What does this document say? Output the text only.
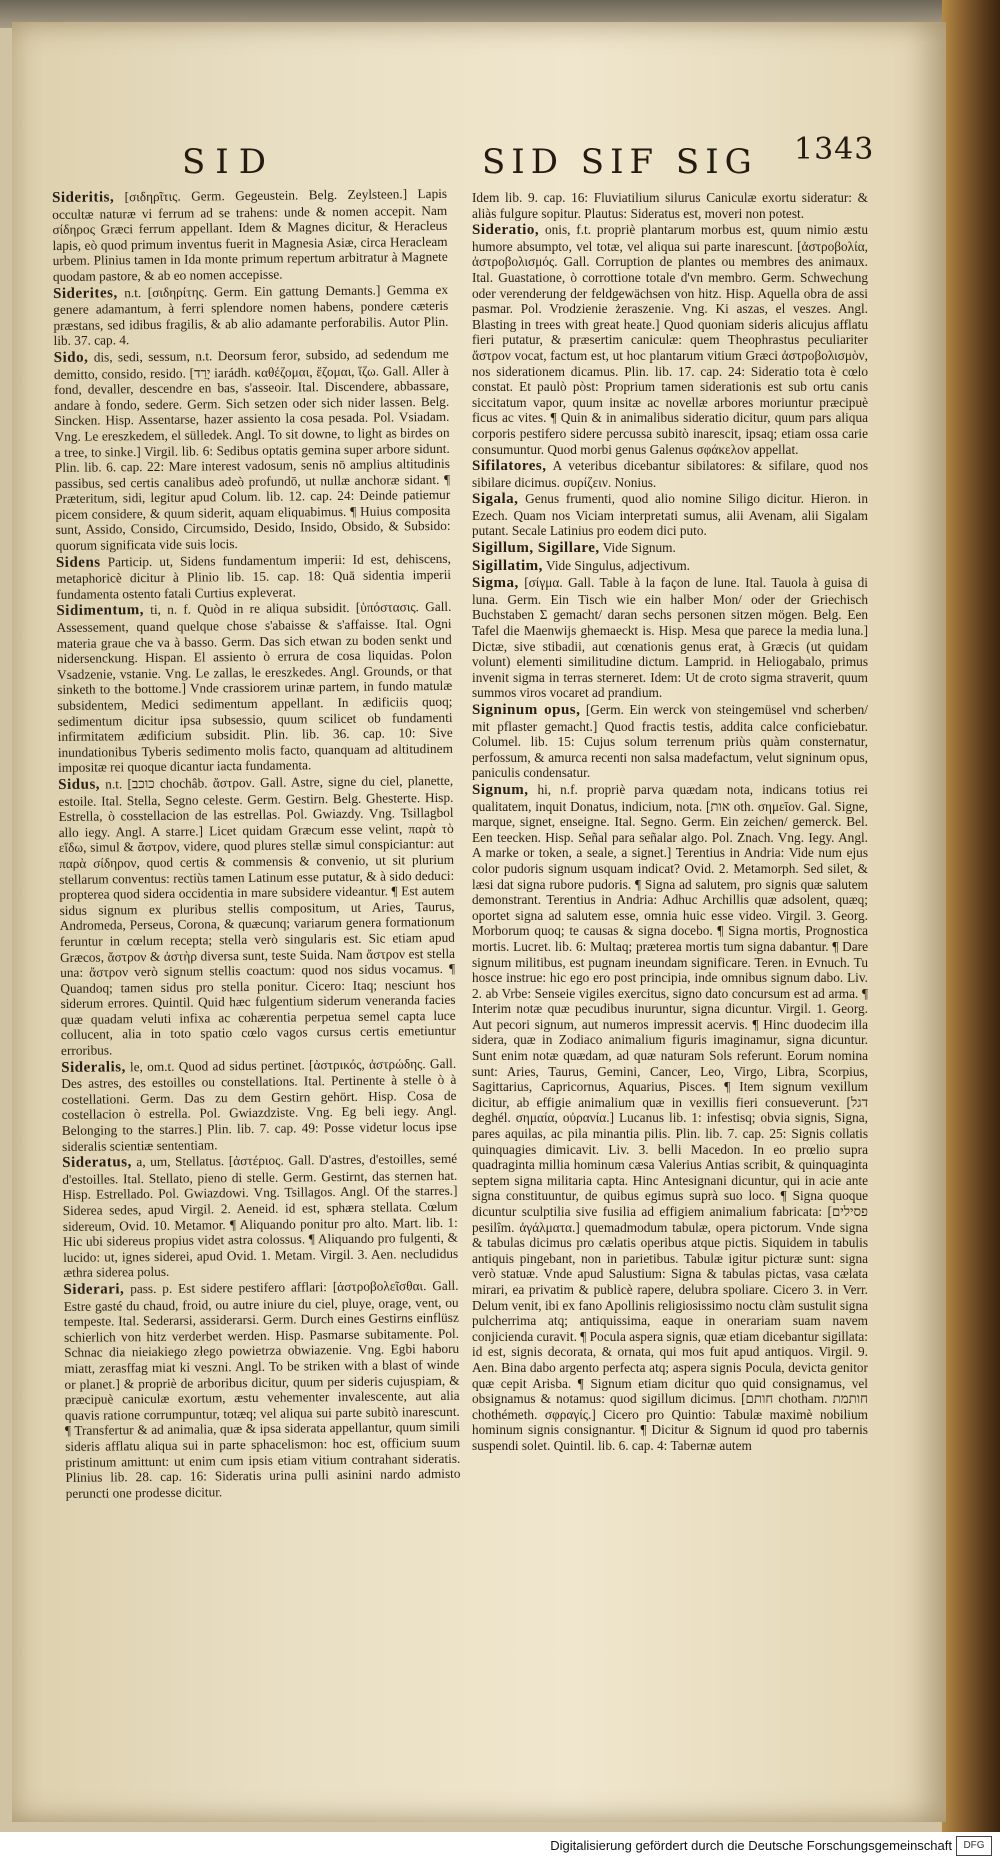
SID	SID SIF SIG 1343

Sideritis, [σιδηρῖτις. Germ. Gegeustein. Belg. Zeylsteen.] Lapis occultæ naturæ vi ferrum ad se trahens: unde & nomen accepit. Nam σίδηρος Græci ferrum appellant. Idem & Magnes dicitur, & Heracleus lapis, eò quod primum inventus fuerit in Magnesia Asiæ, circa Heracleam urbem. Plinius tamen in Ida monte primum repertum arbitratur à Magnete quodam pastore, & ab eo nomen accepisse.

Siderites, n.t. [σιδηρίτης. Germ. Ein gattung Demants.] Gemma ex genere adamantum, à ferri splendore nomen habens, pondere cæteris præstans, sed idibus fragilis, & ab alio adamante perforabilis. Autor Plin. lib. 37. cap. 4.

Sido, dis, sedi, sessum, n.t. Deorsum feror, subsido, ad sedendum me demitto, consido, resido. [יָרַד iarádh. καθέζομαι, ἕζομαι, ἵζω. Gall. Aller à fond, devaller, descendre en bas, s'asseoir. Ital. Discendere, abbassare, andare à fondo, sedere. Germ. Sich setzen oder sich nider lassen. Belg. Sincken. Hisp. Assentarse, hazer assiento la cosa pesada. Pol. Vsiadam. Vng. Le ereszkedem, el sülledek. Angl. To sit downe, to light as birdes on a tree, to sinke.] Virgil. lib. 6: Sedibus optatis gemina super arbore sidunt. Plin. lib. 6. cap. 22: Mare interest vadosum, senis nō amplius altitudinis passibus, sed certis canalibus adeò profundō, ut nullæ anchoræ sidant. ¶ Præteritum, sidi, legitur apud Colum. lib. 12. cap. 24: Deinde patiemur picem considere, & quum siderit, aquam eliquabimus. ¶ Huius composita sunt, Assido, Consido, Circumsido, Desido, Insido, Obsido, & Subsido: quorum significata vide suis locis.

Sidens Particip. ut, Sidens fundamentum imperii: Id est, dehiscens, metaphoricè dicitur à Plinio lib. 15. cap. 18: Quā sidentia imperii fundamenta ostento fatali Curtius expleverat.

Sidimentum, ti, n. f. Quòd in re aliqua subsidit. [ὑπόστασις. Gall. Assessement, quand quelque chose s'abaisse & s'affaisse. Ital. Ogni materia graue che va à basso. Germ. Das sich etwan zu boden senkt und nidersenckung. Hispan. El assiento ò errura de cosa liquidas. Polon Vsadzenie, vstanie. Vng. Le zallas, le ereszkedes. Angl. Grounds, or that sinketh to the bottome.] Vnde crassiorem urinæ partem, in fundo matulæ subsidentem, Medici sedimentum appellant. In ædificiis quoq; sedimentum dicitur ipsa subsessio, quum scilicet ob fundamenti infirmitatem ædificium subsidit. Plin. lib. 36. cap. 10: Sive inundationibus Tyberis sedimento molis facto, quanquam ad altitudinem impositæ rei quoque dicantur iacta fundamenta.

Sidus, n.t. [כוכב chochâb. ἄστρον. Gall. Astre, signe du ciel, planette, estoile. Ital. Stella, Segno celeste. Germ. Gestirn. Belg. Ghesterte. Hisp. Estrella, ò cosstellacion de las estrellas. Pol. Gwiazdy. Vng. Tsillagbol allo iegy. Angl. A starre.] Licet quidam Græcum esse velint, παρὰ τὸ εἴδω, simul & ἄστρον, videre, quod plures stellæ simul conspiciantur: aut παρὰ σίδηρον, quod certis & commensis & convenio, ut sit plurium stellarum conventus: rectiùs tamen Latinum esse putatur, & à sido deduci: propterea quod sidera occidentia in mare subsidere videantur. ¶ Est autem sidus signum ex pluribus stellis compositum, ut Aries, Taurus, Andromeda, Perseus, Corona, & quæcunq; variarum genera formationum feruntur in cœlum recepta; stella verò singularis est. Sic etiam apud Græcos, ἄστρον & ἀστὴρ diversa sunt, teste Suida. Nam ἄστρον est stella una: ἄστρον verò signum stellis coactum: quod nos sidus vocamus. ¶ Quandoq; tamen sidus pro stella ponitur. Cicero: Itaq; nesciunt hos siderum errores. Quintil. Quid hæc fulgentium siderum veneranda facies quæ quadam veluti infixa ac cohærentia perpetua semel capta luce collucent, alia in toto spatio cœlo vagos cursus certis emetiuntur erroribus.

Sideralis, le, om.t. Quod ad sidus pertinet. [ἀστρικός, ἀστρώδης. Gall. Des astres, des estoilles ou constellations. Ital. Pertinente à stelle ò à costellationi. Germ. Das zu dem Gestirn gehört. Hisp. Cosa de costellacion ò estrella. Pol. Gwiazdziste. Vng. Eg beli iegy. Angl. Belonging to the starres.] Plin. lib. 7. cap. 49: Posse videtur locus ipse sideralis scientiæ sententiam.

Sideratus, a, um, Stellatus. [ἀστέριος. Gall. D'astres, d'estoilles, semé d'estoilles. Ital. Stellato, pieno di stelle. Germ. Gestirnt, das sternen hat. Hisp. Estrellado. Pol. Gwiazdowi. Vng. Tsillagos. Angl. Of the starres.] Siderea sedes, apud Virgil. 2. Aeneid. id est, sphæra stellata. Cœlum sidereum, Ovid. 10. Metamor. ¶ Aliquando ponitur pro alto. Mart. lib. 1: Hic ubi sidereus propius videt astra colossus. ¶ Aliquando pro fulgenti, & lucido: ut, ignes siderei, apud Ovid. 1. Metam. Virgil. 3. Aen. necludidus æthra siderea polus.

Siderari, pass. p. Est sidere pestifero afflari: [ἀστροβολεῖσθαι. Gall. Estre gasté du chaud, froid, ou autre iniure du ciel, pluye, orage, vent, ou tempeste. Ital. Sederarsi, assiderarsi. Germ. Durch eines Gestirns einflüsz schierlich von hitz verderbet werden. Hisp. Pasmarse subitamente. Pol. Schnac dia nieiakiego złego powietrza obwiazenie. Vng. Egbi haboru miatt, zerasffag miat ki veszni. Angl. To be striken with a blast of winde or planet.] & propriè de arboribus dicitur, quum per sideris cujuspiam, & præcipuè caniculæ exortum, æstu vehementer invalescente, aut alia quavis ratione corrumpuntur, totæq; vel aliqua sui parte subitò inarescunt. ¶ Transfertur & ad animalia, quæ & ipsa siderata appellantur, quum simili sideris afflatu aliqua sui in parte sphacelismon: hoc est, officium suum pristinum amittunt: ut enim cum ipsis etiam vitium contrahant sideratis. Plinius lib. 28. cap. 16: Sideratis urina pulli asinini nardo admisto peruncti one prodesse dicitur.

Idem lib. 9. cap. 16: Fluviatilium silurus Caniculæ exortu sideratur: & aliàs fulgure sopitur. Plautus: Sideratus est, moveri non potest.

Sideratio, onis, f.t. propriè plantarum morbus est, quum nimio æstu humore absumpto, vel totæ, vel aliqua sui parte inarescunt. [ἀστροβολία, ἀστροβολισμός. Gall. Corruption de plantes ou membres des animaux. Ital. Guastatione, ò corrottione totale d'vn membro. Germ. Schwechung oder verenderung der feldgewächsen von hitz. Hisp. Aquella obra de assi pasmar. Pol. Vrodzienie żeraszenie. Vng. Ki aszas, el veszes. Angl. Blasting in trees with great heate.] Quod quoniam sideris alicujus afflatu fieri putatur, & præsertim caniculæ: quem Theophrastus peculiariter ἄστρον vocat, factum est, ut hoc plantarum vitium Græci ἀστροβολισμὸν, nos siderationem dicamus. Plin. lib. 17. cap. 24: Sideratio tota è cœlo constat. Et paulò pòst: Proprium tamen siderationis est sub ortu canis siccitatum vapor, quum insitæ ac novellæ arbores moriuntur præcipuè ficus ac vites. ¶ Quin & in animalibus sideratio dicitur, quum pars aliqua corporis pestifero sidere percussa subitò inarescit, ipsaq; etiam ossa carie consumuntur. Quod morbi genus Galenus σφάκελον appellat.

Sifilatores, A veteribus dicebantur sibilatores: & sifilare, quod nos sibilare dicimus. συρίζειν. Nonius.

Sigala, Genus frumenti, quod alio nomine Siligo dicitur. Hieron. in Ezech. Quam nos Viciam interpretati sumus, alii Avenam, alii Sigalam putant. Secale Latinius pro eodem dici puto.

Sigillum, Sigillare, Vide Signum.

Sigillatim, Vide Singulus, adjectivum.

Sigma, [σίγμα. Gall. Table à la façon de lune. Ital. Tauola à guisa di luna. Germ. Ein Tisch wie ein halber Mon/ oder der Griechisch Buchstaben Σ gemacht/ daran sechs personen sitzen mögen. Belg. Een Tafel die Maenwijs ghemaeckt is. Hisp. Mesa que parece la media luna.] Dictæ, sive stibadii, aut cœnationis genus erat, à Græcis (ut quidam volunt) elementi similitudine dictum. Lamprid. in Heliogabalo, primus invenit sigma in terras sterneret. Idem: Ut de croto sigma straverit, quum summos viros vocaret ad prandium.

Signinum opus, [Germ. Ein werck von steingemüsel vnd scherben/ mit pflaster gemacht.] Quod fractis testis, addita calce conficiebatur. Columel. lib. 15: Cujus solum terrenum priùs quàm consternatur, perfossum, & amurca recenti non salsa madefactum, velut signinum opus, paniculis condensatur.

Signum, hi, n.f. propriè parva quædam nota, indicans totius rei qualitatem, inquit Donatus, indicium, nota. [אות oth. σημεῖον. Gal. Signe, marque, signet, enseigne. Ital. Segno. Germ. Ein zeichen/ gemerck. Bel. Een teecken. Hisp. Señal para señalar algo. Pol. Znach. Vng. Iegy. Angl. A marke or token, a seale, a signet.] Terentius in Andria: Vide num ejus color pudoris signum usquam indicat? Ovid. 2. Metamorph. Sed silet, & læsi dat signa rubore pudoris. ¶ Signa ad salutem, pro signis quæ salutem demonstrant. Terentius in Andria: Adhuc Archillis quæ adsolent, quæq; oportet signa ad salutem esse, omnia huic esse video. Virgil. 3. Georg. Morborum quoq; te causas & signa docebo. ¶ Signa mortis, Prognostica mortis. Lucret. lib. 6: Multaq; præterea mortis tum signa dabantur. ¶ Dare signum militibus, est pugnam ineundam significare. Teren. in Evnuch. Tu hosce instrue: hic ego ero post principia, inde omnibus signum dabo. Liv. 2. ab Vrbe: Senseie vigiles exercitus, signo dato concursum est ad arma. ¶ Interim notæ quæ pecudibus inuruntur, signa dicuntur. Virgil. 1. Georg. Aut pecori signum, aut numeros impressit acervis. ¶ Hinc duodecim illa sidera, quæ in Zodiaco animalium figuris imaginamur, signa dicuntur. Sunt enim notæ quædam, ad quæ naturam Sols referunt. Eorum nomina sunt: Aries, Taurus, Gemini, Cancer, Leo, Virgo, Libra, Scorpius, Sagittarius, Capricornus, Aquarius, Pisces. ¶ Item signum vexillum dicitur, ab effigie animalium quæ in vexillis fieri consueverunt. [דגל deghél. σημαία, οὐρανία.] Lucanus lib. 1: infestisq; obvia signis, Signa, pares aquilas, ac pila minantia pilis. Plin. lib. 7. cap. 25: Signis collatis quinquagies dimicavit. Liv. 3. belli Macedon. In eo prœlio supra quadraginta millia hominum cæsa Valerius Antias scribit, & quinquaginta septem signa militaria capta. Hinc Antesignani dicuntur, qui in acie ante signa constituuntur, de quibus egimus suprà suo loco. ¶ Signa quoque dicuntur sculptilia sive fusilia ad effigiem animalium fabricata: [פסילים pesilîm. ἀγάλματα.] quemadmodum tabulæ, opera pictorum. Vnde signa & tabulas dicimus pro cælatis operibus atque pictis. Siquidem in tabulis antiquis pingebant, non in parietibus. Tabulæ igitur picturæ sunt: signa verò statuæ. Vnde apud Salustium: Signa & tabulas pictas, vasa cælata mirari, ea privatim & publicè rapere, delubra spoliare. Cicero 3. in Verr. Delum venit, ibi ex fano Apollinis religiosissimo noctu clàm sustulit signa pulcherrima atq; antiquissima, eaque in onerariam suam navem conjicienda curavit. ¶ Pocula aspera signis, quæ etiam dicebantur sigillata: id est, signis decorata, & ornata, qui mos fuit apud antiquos. Virgil. 9. Aen. Bina dabo argento perfecta atq; aspera signis Pocula, devicta genitor quæ cepit Arisba. ¶ Signum etiam dicitur quo quid consignamus, vel obsignamus & notamus: quod sigillum dicimus. [חותם chotham. חותמת chothémeth. σφραγίς.] Cicero pro Quintio: Tabulæ maximè nobilium hominum signis consignantur. ¶ Dicitur & Signum id quod pro tabernis suspendi solet. Quintil. lib. 6. cap. 4: Tabernæ autem

Digitalisierung gefördert durch die Deutsche Forschungsgemeinschaft	DFG
